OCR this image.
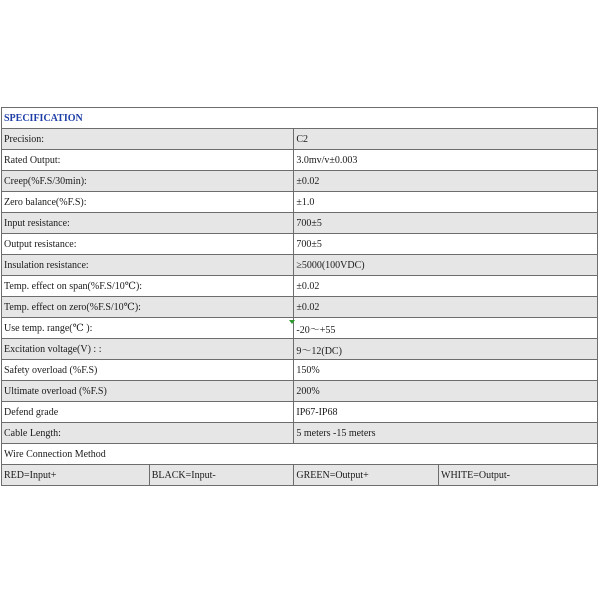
SPECIFICATION			
Precision:		C2	
Rated Output:		3.0mv/v±0.003	
Creep(%F.S/30min):		±0.02	
Zero balance(%F.S):		±1.0	
Input resistance:		700±5	
Output resistance:		700±5	
Insulation resistance:		≥5000(100VDC)	
Temp. effect on span(%F.S/10℃):		±0.02	
Temp. effect on zero(%F.S/10℃):		±0.02	
Use temp. range(℃ ):		-20～+55	
Excitation voltage(V) : :		9～12(DC)	
Safety overload (%F.S)		150%	
Ultimate overload (%F.S)		200%	
Defend grade		IP67-IP68	
Cable Length:		5 meters -15 meters	
Wire Connection Method			
RED=Input+	BLACK=Input-	GREEN=Output+	WHITE=Output-
